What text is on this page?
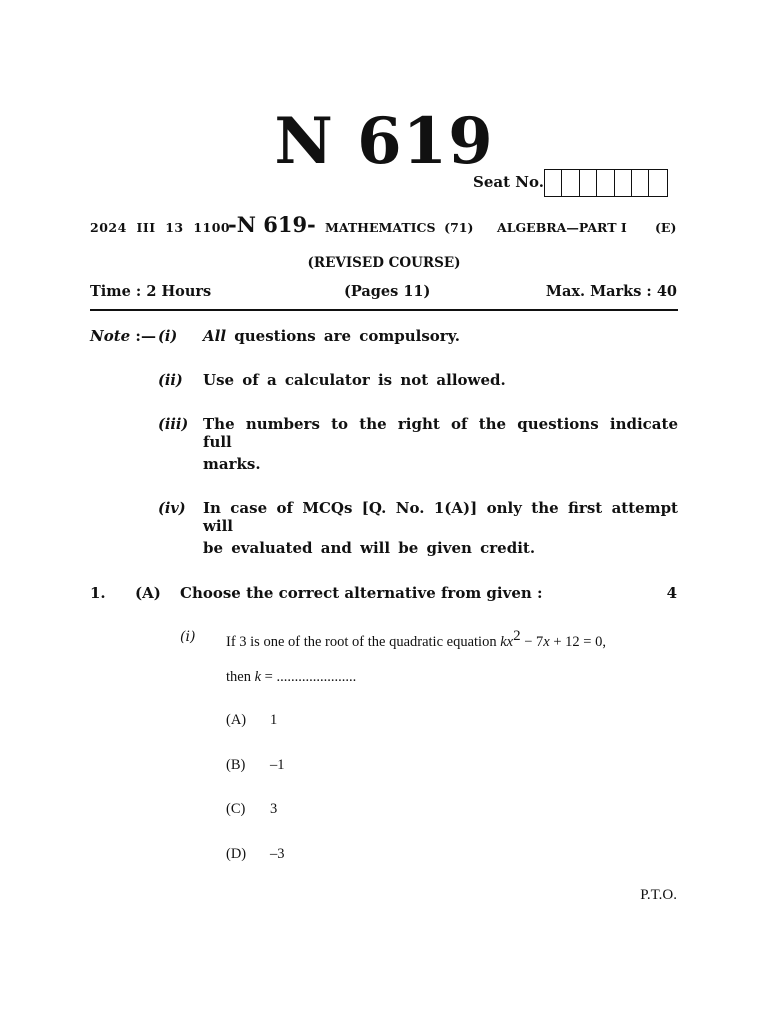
N 619
Seat No.
2024  III  13  1100
-N 619- MATHEMATICS  (71) ALGEBRA—PART I (E)
(REVISED COURSE)
Time : 2 Hours	(Pages 11)	Max. Marks : 40
Note :— (i) All questions are compulsory.
(ii) Use of a calculator is not allowed.
(iii) The numbers to the right of the questions indicate full
marks.
(iv) In case of MCQs [Q. No. 1(A)] only the first attempt will
be evaluated and will be given credit.
1. (A) Choose the correct alternative from given :	4
(i) If 3 is one of the root of the quadratic equation $kx^2 - 7x + 12 = 0$,
then k = ......................
(A) 1
(B) –1
(C) 3
(D) –3
P.T.O.
